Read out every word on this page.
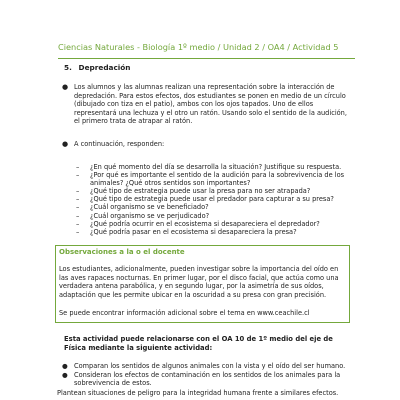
Ciencias Naturales - Biología 1º medio / Unidad 2 / OA4 / Actividad 5
5. Depredación
● Los alumnos y las alumnas realizan una representación sobre la interacción de depredación. Para estos efectos, dos estudiantes se ponen en medio de un círculo (dibujado con tiza en el patio), ambos con los ojos tapados. Uno de ellos representará una lechuza y el otro un ratón. Usando solo el sentido de la audición, el primero trata de atrapar al ratón.
● A continuación, responden:
– ¿En qué momento del día se desarrolla la situación? Justifique su respuesta.
– ¿Por qué es importante el sentido de la audición para la sobrevivencia de los animales? ¿Qué otros sentidos son importantes?
– ¿Qué tipo de estrategia puede usar la presa para no ser atrapada?
– ¿Qué tipo de estrategia puede usar el predador para capturar a su presa?
– ¿Cuál organismo se ve beneficiado?
– ¿Cuál organismo se ve perjudicado?
– ¿Qué podría ocurrir en el ecosistema si desapareciera el depredador?
– ¿Qué podría pasar en el ecosistema si desapareciera la presa?
Observaciones a la o el docente
Los estudiantes, adicionalmente, pueden investigar sobre la importancia del oído en las aves rapaces nocturnas. En primer lugar, por el disco facial, que actúa como una verdadera antena parabólica, y en segundo lugar, por la asimetría de sus oídos, adaptación que les permite ubicar en la oscuridad a su presa con gran precisión.
Se puede encontrar información adicional sobre el tema en www.ceachile.cl
Esta actividad puede relacionarse con el OA 10 de 1º medio del eje de Física mediante la siguiente actividad:
● Comparan los sentidos de algunos animales con la vista y el oído del ser humano.
● Consideran los efectos de contaminación en los sentidos de los animales para la sobrevivencia de estos.
Plantean situaciones de peligro para la integridad humana frente a similares efectos.
